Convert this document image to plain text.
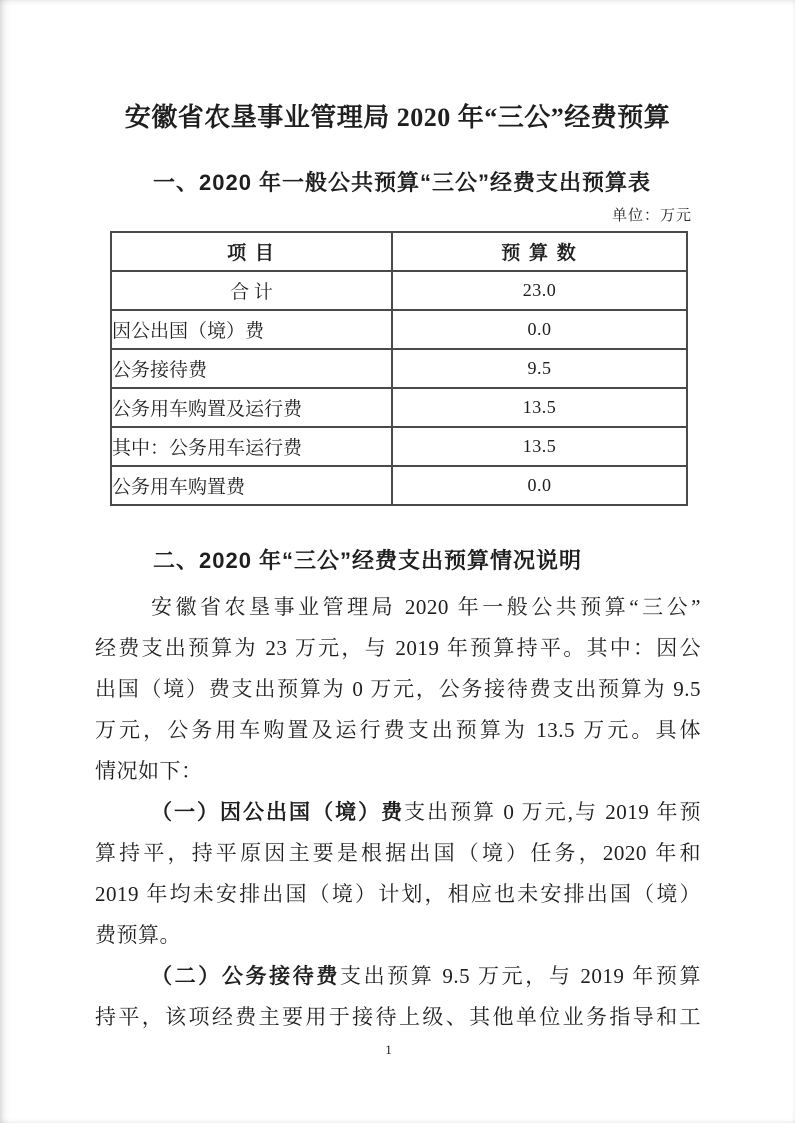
安徽省农垦事业管理局 2020 年“三公”经费预算
一、2020 年一般公共预算“三公”经费支出预算表
单位：万元
项 目	预 算 数
合 计	23.0
因公出国（境）费	0.0
公务接待费	9.5
公务用车购置及运行费	13.5
其中：公务用车运行费	13.5
公务用车购置费	0.0
二、2020 年“三公”经费支出预算情况说明
安徽省农垦事业管理局 2020 年一般公共预算“三公”
经费支出预算为 23 万元，与 2019 年预算持平。其中：因公
出国（境）费支出预算为 0 万元，公务接待费支出预算为 9.5
万元，公务用车购置及运行费支出预算为 13.5 万元。具体
情况如下：
（一）因公出国（境）费支出预算 0 万元,与 2019 年预
算持平，持平原因主要是根据出国（境）任务，2020 年和
2019 年均未安排出国（境）计划，相应也未安排出国（境）
费预算。
（二）公务接待费支出预算 9.5 万元，与 2019 年预算
持平，该项经费主要用于接待上级、其他单位业务指导和工
1
